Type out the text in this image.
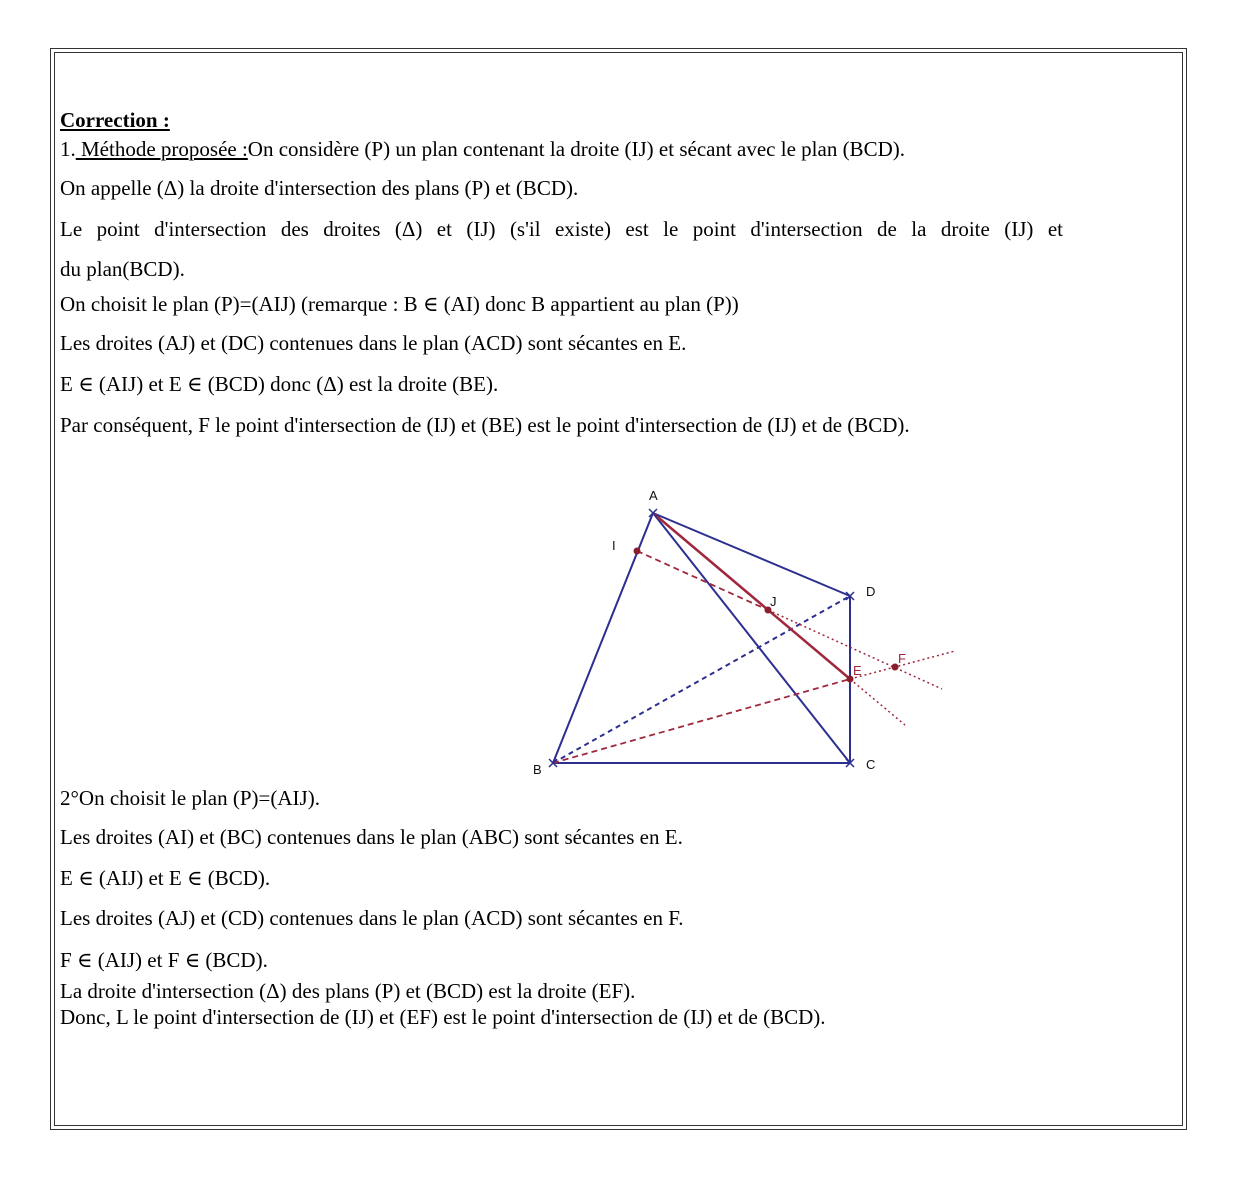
Correction :
1. Méthode proposée :On considère (P) un plan contenant la droite (IJ) et sécant avec le plan (BCD).
On appelle (Δ) la droite d'intersection des plans (P) et (BCD).
Le point d'intersection des droites (Δ) et (IJ) (s'il existe) est le point d'intersection de la droite (IJ) et
du plan(BCD).
On choisit le plan (P)=(AIJ) (remarque : B ∈ (AI) donc B appartient au plan (P))
Les droites (AJ) et (DC) contenues dans le plan (ACD) sont sécantes en E.
E ∈ (AIJ) et E ∈ (BCD) donc (Δ) est la droite (BE).
Par conséquent, F le point d'intersection de (IJ) et (BE) est le point d'intersection de (IJ) et de (BCD).
A
B	C
D
I
J
E
F
2°On choisit le plan (P)=(AIJ).
Les droites (AI) et (BC) contenues dans le plan (ABC) sont sécantes en E.
E ∈ (AIJ) et E ∈ (BCD).
Les droites (AJ) et (CD) contenues dans le plan (ACD) sont sécantes en F.
F ∈ (AIJ) et F ∈ (BCD).
La droite d'intersection (Δ) des plans (P) et (BCD) est la droite (EF).
Donc, L le point d'intersection de (IJ) et (EF) est le point d'intersection de (IJ) et de (BCD).
